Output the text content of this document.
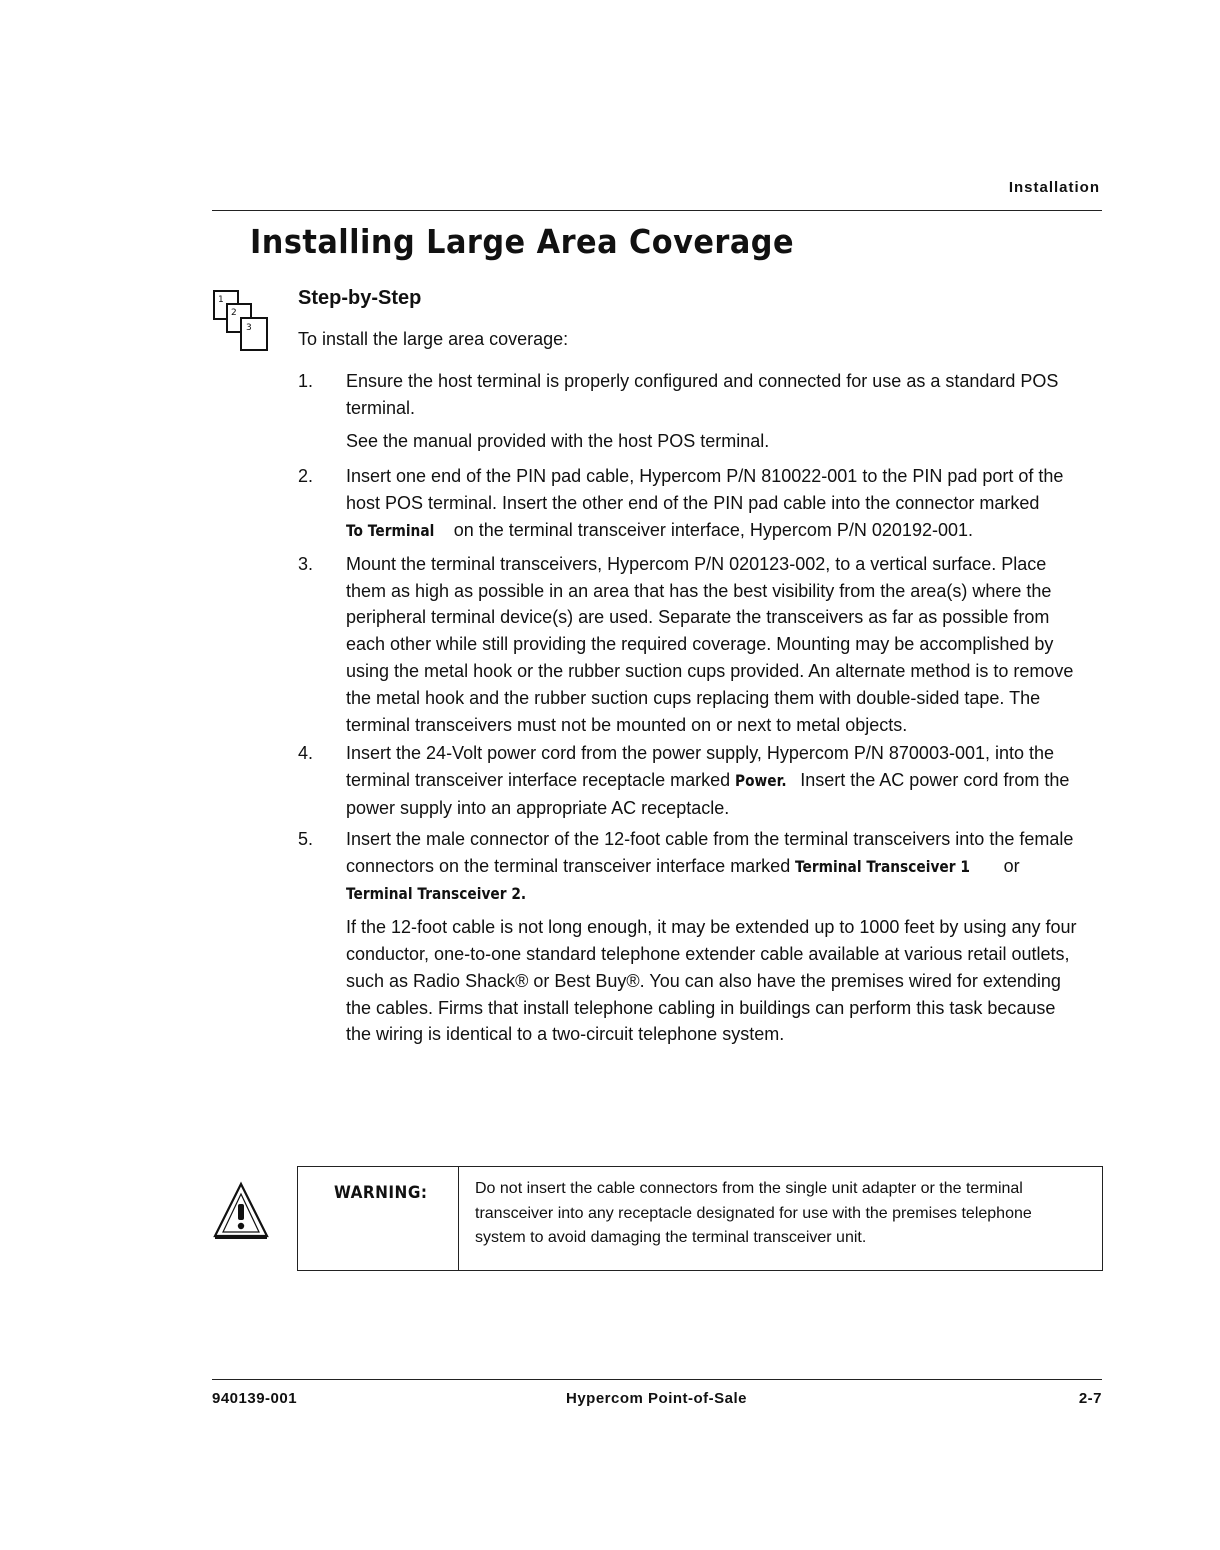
Installation
Installing Large Area Coverage
1
2
3
Step-by-Step
To install the large area coverage:
1. Ensure the host terminal is properly configured and connected for use as a standard POS terminal.

See the manual provided with the host POS terminal.

2. Insert one end of the PIN pad cable, Hypercom P/N 810022-001 to the PIN pad port of the host POS terminal. Insert the other end of the PIN pad cable into the connector marked To Terminal on the terminal transceiver interface, Hypercom P/N 020192-001.

3. Mount the terminal transceivers, Hypercom P/N 020123-002, to a vertical surface. Place them as high as possible in an area that has the best visibility from the area(s) where the peripheral terminal device(s) are used. Separate the transceivers as far as possible from each other while still providing the required coverage. Mounting may be accomplished by using the metal hook or the rubber suction cups provided. An alternate method is to remove the metal hook and the rubber suction cups replacing them with double-sided tape. The terminal transceivers must not be mounted on or next to metal objects.

4. Insert the 24-Volt power cord from the power supply, Hypercom P/N 870003-001, into the terminal transceiver interface receptacle marked Power. Insert the AC power cord from the power supply into an appropriate AC receptacle.

5. Insert the male connector of the 12-foot cable from the terminal transceivers into the female connectors on the terminal transceiver interface marked Terminal Transceiver 1 or Terminal Transceiver 2.

If the 12-foot cable is not long enough, it may be extended up to 1000 feet by using any four conductor, one-to-one standard telephone extender cable available at various retail outlets, such as Radio Shack® or Best Buy®. You can also have the premises wired for extending the cables. Firms that install telephone cabling in buildings can perform this task because the wiring is identical to a two-circuit telephone system.

WARNING:	Do not insert the cable connectors from the single unit adapter or the terminal transceiver into any receptacle designated for use with the premises telephone system to avoid damaging the terminal transceiver unit.
940139-001	Hypercom Point-of-Sale	2-7
